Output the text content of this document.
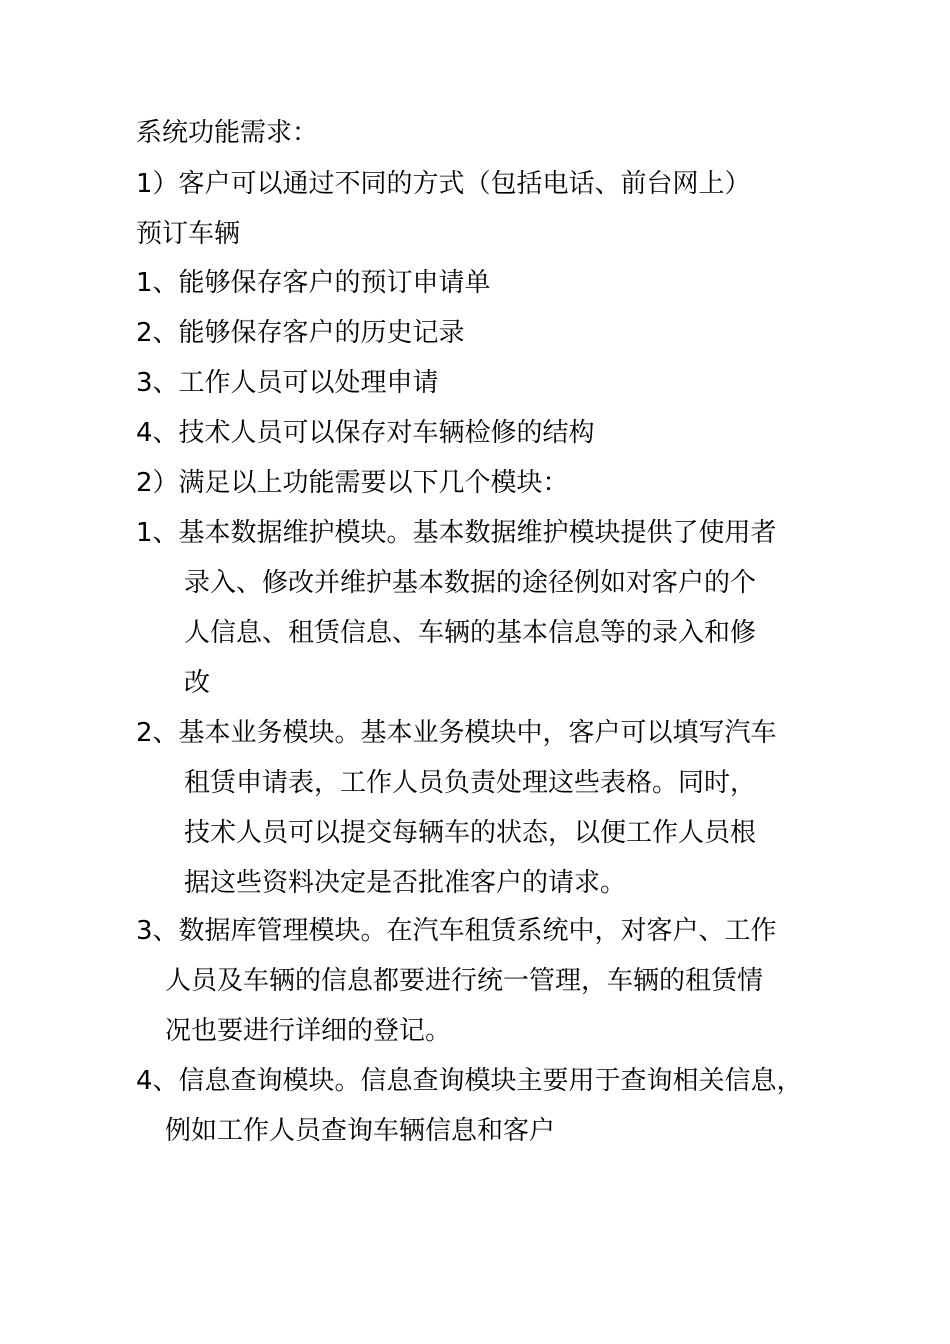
系统功能需求：
1）客户可以通过不同的方式（包括电话、前台网上）
预订车辆
1、能够保存客户的预订申请单
2、能够保存客户的历史记录
3、工作人员可以处理申请
4、技术人员可以保存对车辆检修的结构
2）满足以上功能需要以下几个模块：
1、基本数据维护模块。基本数据维护模块提供了使用者
录入、修改并维护基本数据的途径例如对客户的个
人信息、租赁信息、车辆的基本信息等的录入和修
改
2、基本业务模块。基本业务模块中，客户可以填写汽车
租赁申请表，工作人员负责处理这些表格。同时，
技术人员可以提交每辆车的状态，以便工作人员根
据这些资料决定是否批准客户的请求。
3、数据库管理模块。在汽车租赁系统中，对客户、工作
人员及车辆的信息都要进行统一管理，车辆的租赁情
况也要进行详细的登记。
4、信息查询模块。信息查询模块主要用于查询相关信息，
例如工作人员查询车辆信息和客户
